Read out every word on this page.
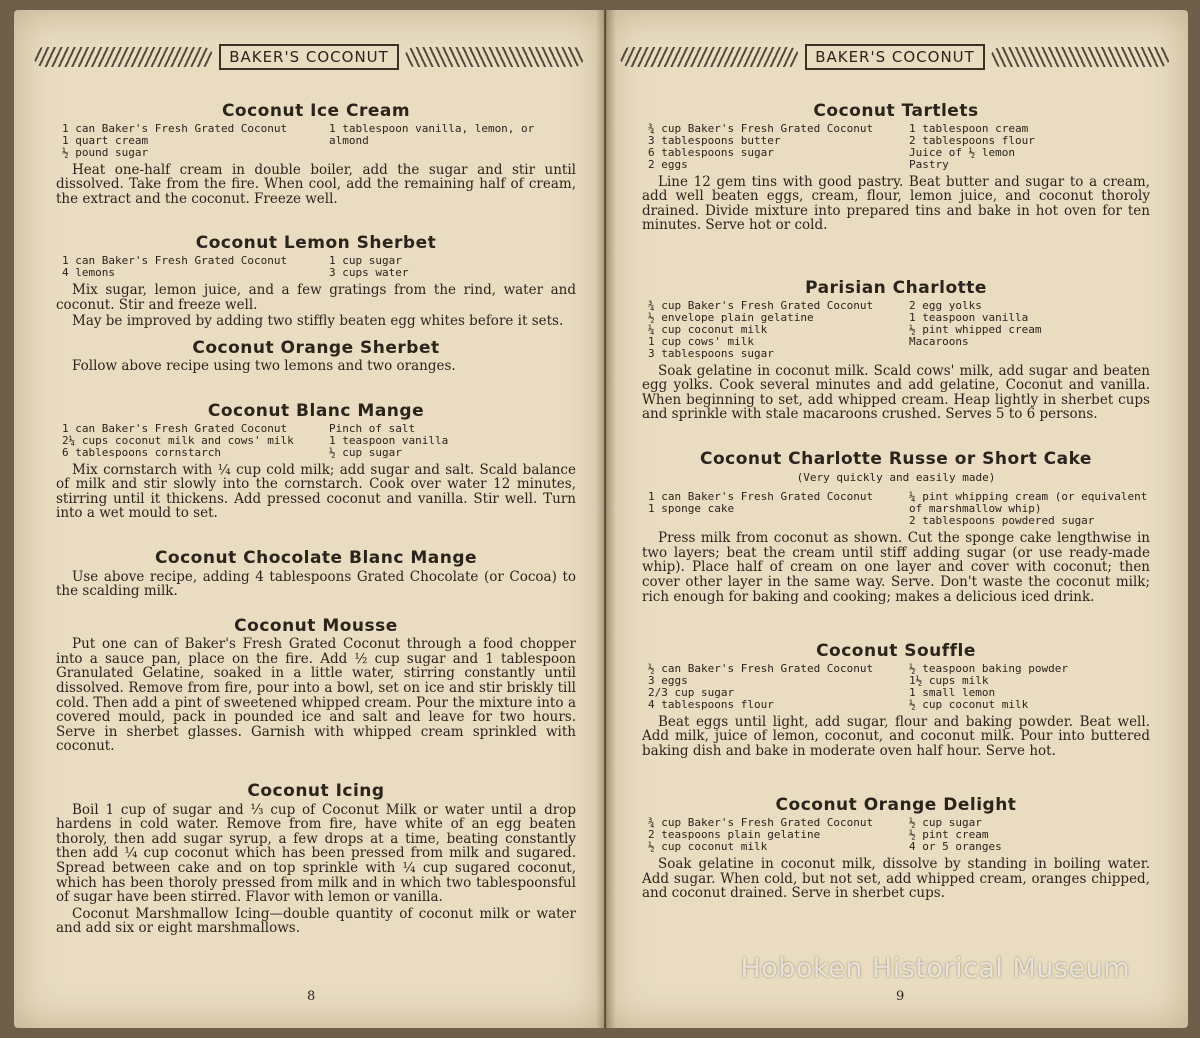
BAKER'S COCONUT
Coconut Ice Cream
1 can Baker's Fresh Grated Coconut
1 quart cream
½ pound sugar
1 tablespoon vanilla, lemon, or
almond

Heat one-half cream in double boiler, add the sugar and stir until dissolved. Take from the fire. When cool, add the remaining half of cream, the extract and the coconut. Freeze well.

Coconut Lemon Sherbet
1 can Baker's Fresh Grated Coconut
4 lemons
1 cup sugar
3 cups water

Mix sugar, lemon juice, and a few gratings from the rind, water and coconut. Stir and freeze well.

May be improved by adding two stiffly beaten egg whites before it sets.

Coconut Orange Sherbet

Follow above recipe using two lemons and two oranges.

Coconut Blanc Mange
1 can Baker's Fresh Grated Coconut
2¼ cups coconut milk and cows' milk
6 tablespoons cornstarch
Pinch of salt
1 teaspoon vanilla
½ cup sugar

Mix cornstarch with ¼ cup cold milk; add sugar and salt. Scald balance of milk and stir slowly into the cornstarch. Cook over water 12 minutes, stirring until it thickens. Add pressed coconut and vanilla. Stir well. Turn into a wet mould to set.

Coconut Chocolate Blanc Mange

Use above recipe, adding 4 tablespoons Grated Chocolate (or Cocoa) to the scalding milk.

Coconut Mousse

Put one can of Baker's Fresh Grated Coconut through a food chopper into a sauce pan, place on the fire. Add ½ cup sugar and 1 tablespoon Granulated Gelatine, soaked in a little water, stirring constantly until dissolved. Remove from fire, pour into a bowl, set on ice and stir briskly till cold. Then add a pint of sweetened whipped cream. Pour the mixture into a covered mould, pack in pounded ice and salt and leave for two hours. Serve in sherbet glasses. Garnish with whipped cream sprinkled with coconut.

Coconut Icing

Boil 1 cup of sugar and ⅓ cup of Coconut Milk or water until a drop hardens in cold water. Remove from fire, have white of an egg beaten thoroly, then add sugar syrup, a few drops at a time, beating constantly then add ¼ cup coconut which has been pressed from milk and sugared. Spread between cake and on top sprinkle with ¼ cup sugared coconut, which has been thoroly pressed from milk and in which two tablespoonsful of sugar have been stirred. Flavor with lemon or vanilla.

Coconut Marshmallow Icing—double quantity of coconut milk or water and add six or eight marshmallows.

8
BAKER'S COCONUT
Coconut Tartlets
¾ cup Baker's Fresh Grated Coconut
3 tablespoons butter
6 tablespoons sugar
2 eggs
1 tablespoon cream
2 tablespoons flour
Juice of ½ lemon
Pastry

Line 12 gem tins with good pastry. Beat butter and sugar to a cream, add well beaten eggs, cream, flour, lemon juice, and coconut thoroly drained. Divide mixture into prepared tins and bake in hot oven for ten minutes. Serve hot or cold.

Parisian Charlotte
¾ cup Baker's Fresh Grated Coconut
½ envelope plain gelatine
¼ cup coconut milk
1 cup cows' milk
3 tablespoons sugar
2 egg yolks
1 teaspoon vanilla
½ pint whipped cream
Macaroons

Soak gelatine in coconut milk. Scald cows' milk, add sugar and beaten egg yolks. Cook several minutes and add gelatine, Coconut and vanilla. When beginning to set, add whipped cream. Heap lightly in sherbet cups and sprinkle with stale macaroons crushed. Serves 5 to 6 persons.

Coconut Charlotte Russe or Short Cake
(Very quickly and easily made)
1 can Baker's Fresh Grated Coconut
1 sponge cake
¼ pint whipping cream (or equivalent of marshmallow whip)
2 tablespoons powdered sugar

Press milk from coconut as shown. Cut the sponge cake lengthwise in two layers; beat the cream until stiff adding sugar (or use ready-made whip). Place half of cream on one layer and cover with coconut; then cover other layer in the same way. Serve. Don't waste the coconut milk; rich enough for baking and cooking; makes a delicious iced drink.

Coconut Souffle
½ can Baker's Fresh Grated Coconut
3 eggs
2/3 cup sugar
4 tablespoons flour
½ teaspoon baking powder
1½ cups milk
1 small lemon
½ cup coconut milk

Beat eggs until light, add sugar, flour and baking powder. Beat well. Add milk, juice of lemon, coconut, and coconut milk. Pour into buttered baking dish and bake in moderate oven half hour. Serve hot.

Coconut Orange Delight
¾ cup Baker's Fresh Grated Coconut
2 teaspoons plain gelatine
½ cup coconut milk
½ cup sugar
½ pint cream
4 or 5 oranges

Soak gelatine in coconut milk, dissolve by standing in boiling water. Add sugar. When cold, but not set, add whipped cream, oranges chipped, and coconut drained. Serve in sherbet cups.

9
Hoboken Historical Museum
